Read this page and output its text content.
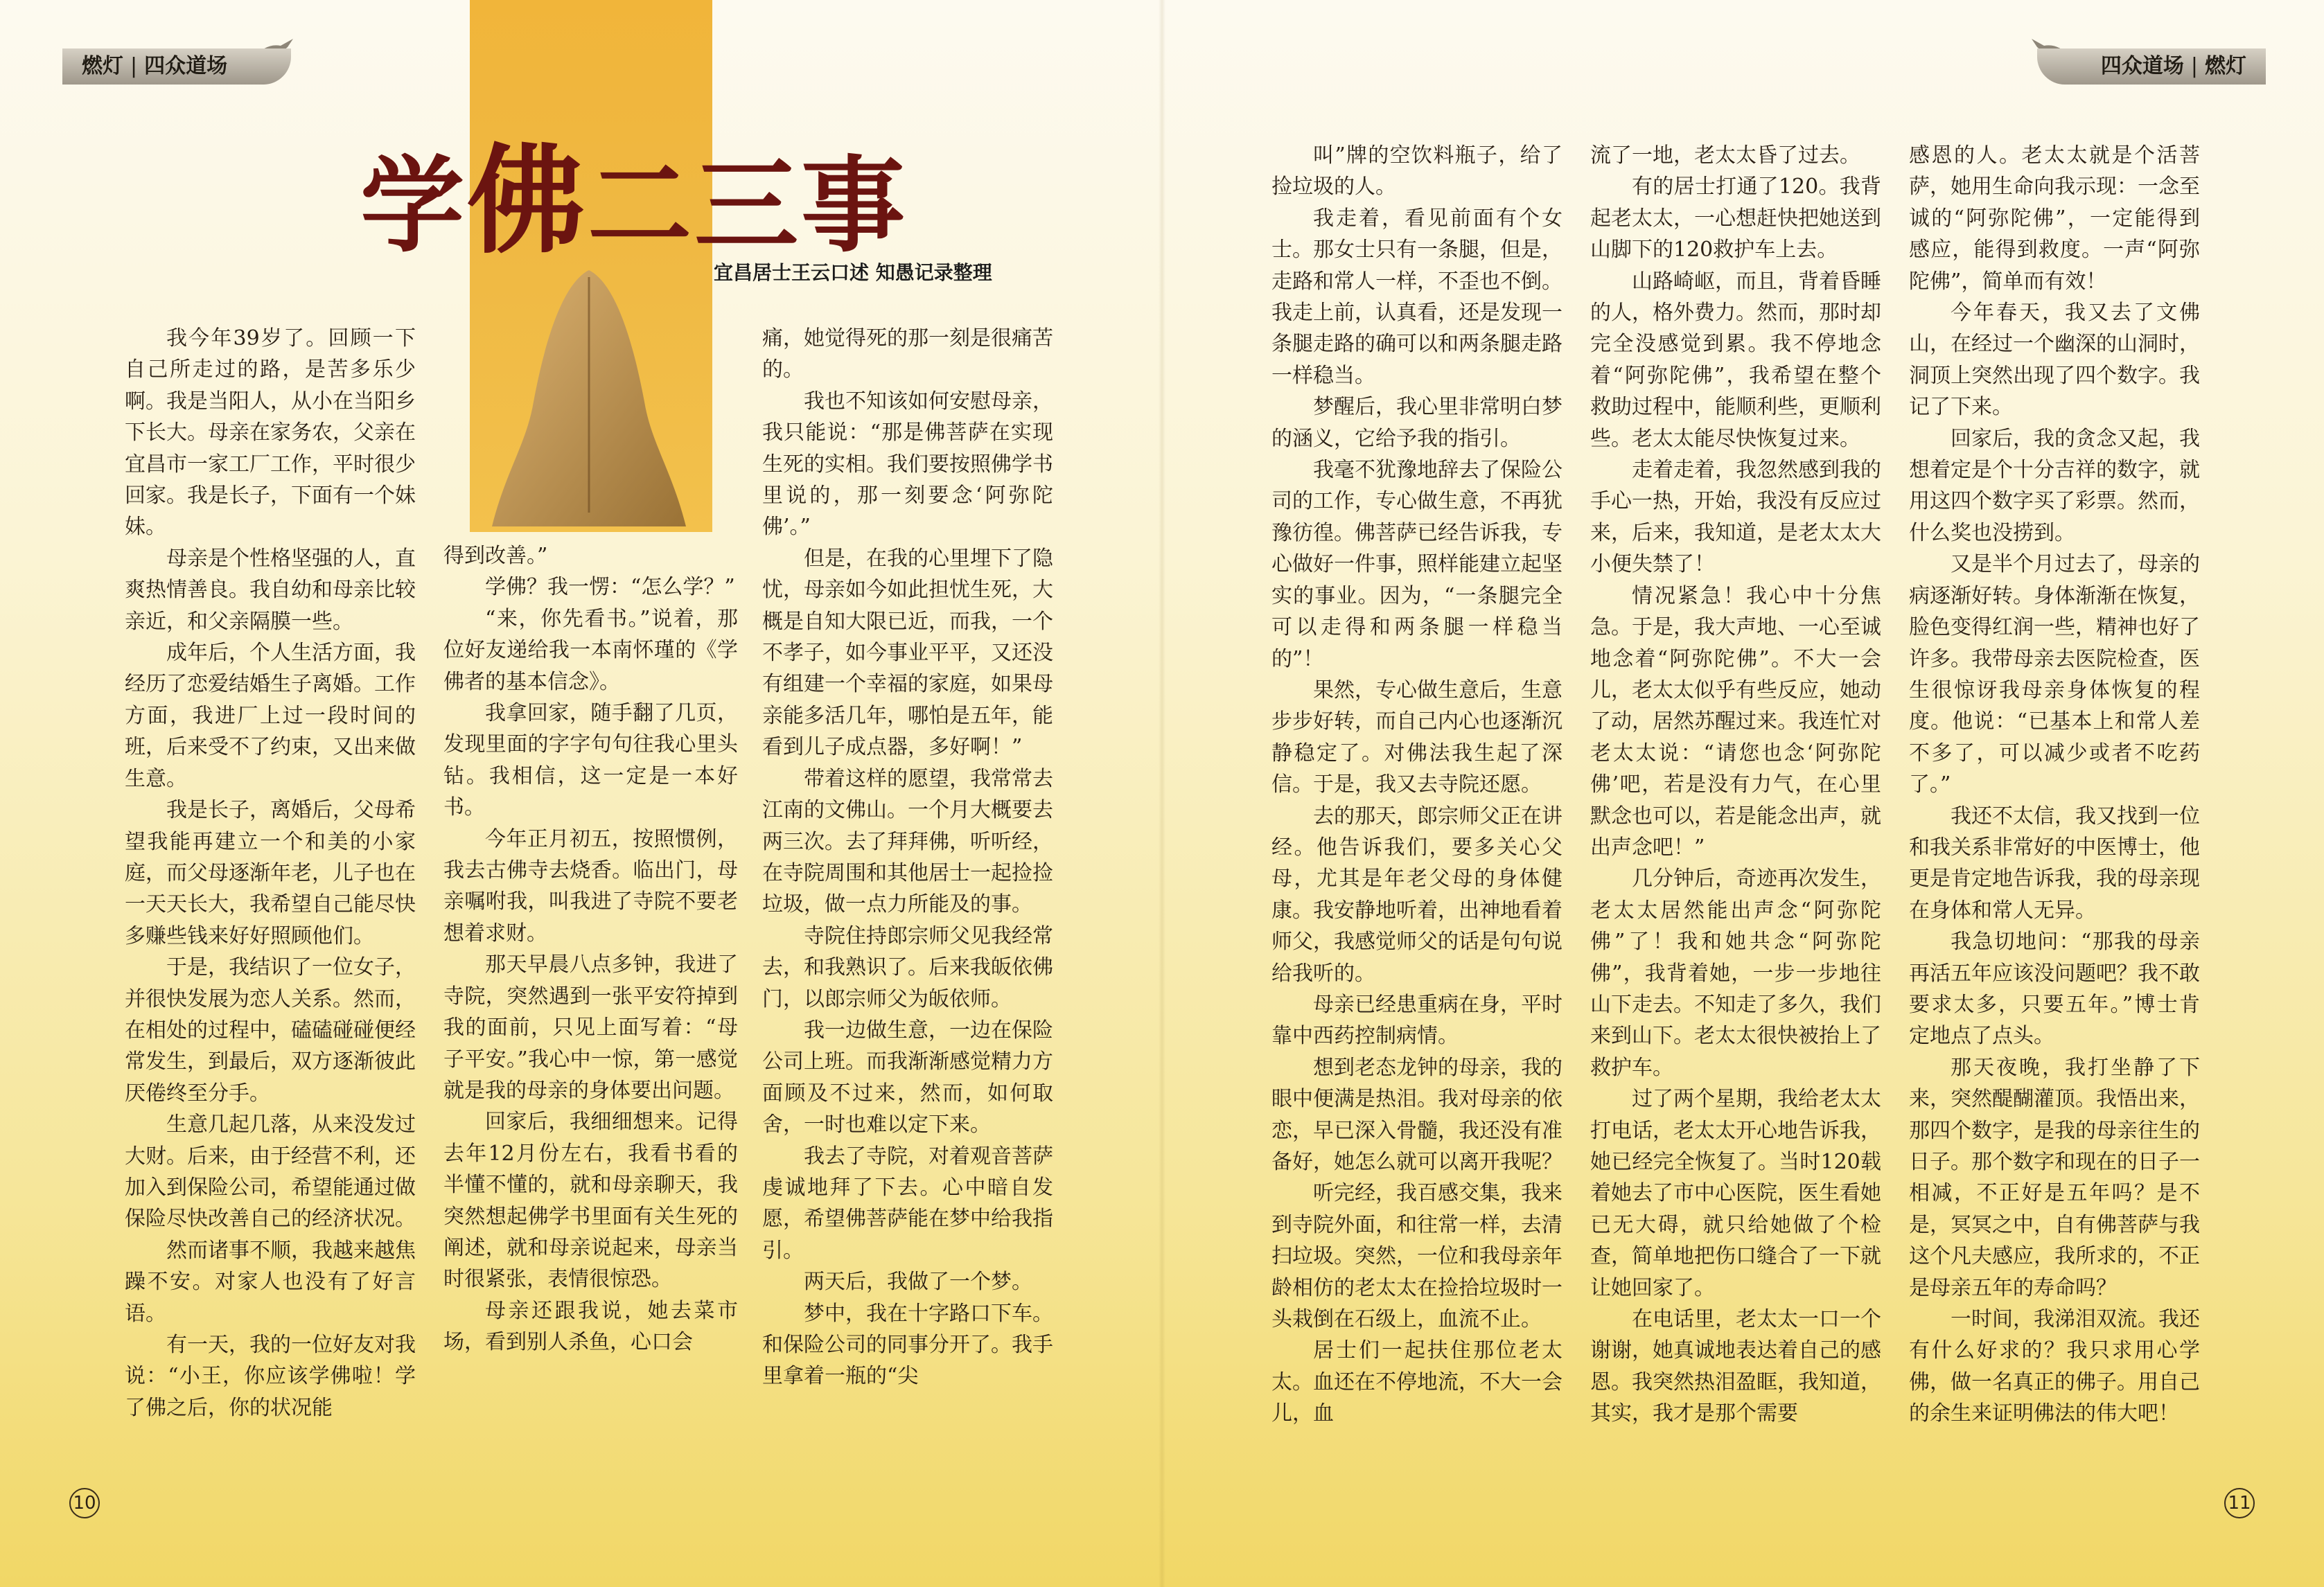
燃灯 | 四众道场	四众道场 | 燃灯
学佛二三事
宜昌居士王云口述 知愚记录整理

我今年39岁了。回顾一下自己所走过的路，是苦多乐少啊。我是当阳人，从小在当阳乡下长大。母亲在家务农，父亲在宜昌市一家工厂工作，平时很少回家。我是长子，下面有一个妹妹。

母亲是个性格坚强的人，直爽热情善良。我自幼和母亲比较亲近，和父亲隔膜一些。

成年后，个人生活方面，我经历了恋爱结婚生子离婚。工作方面，我进厂上过一段时间的班，后来受不了约束，又出来做生意。

我是长子，离婚后，父母希望我能再建立一个和美的小家庭，而父母逐渐年老，儿子也在一天天长大，我希望自己能尽快多赚些钱来好好照顾他们。

于是，我结识了一位女子，并很快发展为恋人关系。然而，在相处的过程中，磕磕碰碰便经常发生，到最后，双方逐渐彼此厌倦终至分手。

生意几起几落，从来没发过大财。后来，由于经营不利，还加入到保险公司，希望能通过做保险尽快改善自己的经济状况。

然而诸事不顺，我越来越焦躁不安。对家人也没有了好言语。

有一天，我的一位好友对我说：“小王，你应该学佛啦！学了佛之后，你的状况能

得到改善。”

学佛？我一愣：“怎么学？”

“来，你先看书。”说着，那位好友递给我一本南怀瑾的《学佛者的基本信念》。

我拿回家，随手翻了几页，发现里面的字字句句往我心里头钻。我相信，这一定是一本好书。

今年正月初五，按照惯例，我去古佛寺去烧香。临出门，母亲嘱咐我，叫我进了寺院不要老想着求财。

那天早晨八点多钟，我进了寺院，突然遇到一张平安符掉到我的面前，只见上面写着：“母子平安。”我心中一惊，第一感觉就是我的母亲的身体要出问题。

回家后，我细细想来。记得去年12月份左右，我看书看的半懂不懂的，就和母亲聊天，我突然想起佛学书里面有关生死的阐述，就和母亲说起来，母亲当时很紧张，表情很惊恐。

母亲还跟我说，她去菜市场，看到别人杀鱼，心口会

痛，她觉得死的那一刻是很痛苦的。

我也不知该如何安慰母亲，我只能说：“那是佛菩萨在实现生死的实相。我们要按照佛学书里说的，那一刻要念‘阿弥陀佛’。”

但是，在我的心里埋下了隐忧，母亲如今如此担忧生死，大概是自知大限已近，而我，一个不孝子，如今事业平平，又还没有组建一个幸福的家庭，如果母亲能多活几年，哪怕是五年，能看到儿子成点器，多好啊！”

带着这样的愿望，我常常去江南的文佛山。一个月大概要去两三次。去了拜拜佛，听听经，在寺院周围和其他居士一起捡捡垃圾，做一点力所能及的事。

寺院住持郎宗师父见我经常去，和我熟识了。后来我皈依佛门，以郎宗师父为皈依师。

我一边做生意，一边在保险公司上班。而我渐渐感觉精力方面顾及不过来，然而，如何取舍，一时也难以定下来。

我去了寺院，对着观音菩萨虔诚地拜了下去。心中暗自发愿，希望佛菩萨能在梦中给我指引。

两天后，我做了一个梦。

梦中，我在十字路口下车。和保险公司的同事分开了。我手里拿着一瓶的“尖

叫”牌的空饮料瓶子，给了捡垃圾的人。

我走着，看见前面有个女士。那女士只有一条腿，但是，走路和常人一样，不歪也不倒。我走上前，认真看，还是发现一条腿走路的确可以和两条腿走路一样稳当。

梦醒后，我心里非常明白梦的涵义，它给予我的指引。

我毫不犹豫地辞去了保险公司的工作，专心做生意，不再犹豫彷徨。佛菩萨已经告诉我，专心做好一件事，照样能建立起坚实的事业。因为，“一条腿完全可以走得和两条腿一样稳当的”！

果然，专心做生意后，生意步步好转，而自己内心也逐渐沉静稳定了。对佛法我生起了深信。于是，我又去寺院还愿。

去的那天，郎宗师父正在讲经。他告诉我们，要多关心父母，尤其是年老父母的身体健康。我安静地听着，出神地看着师父，我感觉师父的话是句句说给我听的。

母亲已经患重病在身，平时靠中西药控制病情。

想到老态龙钟的母亲，我的眼中便满是热泪。我对母亲的依恋，早已深入骨髓，我还没有准备好，她怎么就可以离开我呢？

听完经，我百感交集，我来到寺院外面，和往常一样，去清扫垃圾。突然，一位和我母亲年龄相仿的老太太在捡拾垃圾时一头栽倒在石级上，血流不止。

居士们一起扶住那位老太太。血还在不停地流，不大一会儿，血

流了一地，老太太昏了过去。

有的居士打通了120。我背起老太太，一心想赶快把她送到山脚下的120救护车上去。

山路崎岖，而且，背着昏睡的人，格外费力。然而，那时却完全没感觉到累。我不停地念着“阿弥陀佛”，我希望在整个救助过程中，能顺利些，更顺利些。老太太能尽快恢复过来。

走着走着，我忽然感到我的手心一热，开始，我没有反应过来，后来，我知道，是老太太大小便失禁了！

情况紧急！我心中十分焦急。于是，我大声地、一心至诚地念着“阿弥陀佛”。不大一会儿，老太太似乎有些反应，她动了动，居然苏醒过来。我连忙对老太太说：“请您也念‘阿弥陀佛’吧，若是没有力气，在心里默念也可以，若是能念出声，就出声念吧！”

几分钟后，奇迹再次发生，老太太居然能出声念“阿弥陀佛”了！我和她共念“阿弥陀佛”，我背着她，一步一步地往山下走去。不知走了多久，我们来到山下。老太太很快被抬上了救护车。

过了两个星期，我给老太太打电话，老太太开心地告诉我，她已经完全恢复了。当时120载着她去了市中心医院，医生看她已无大碍，就只给她做了个检查，简单地把伤口缝合了一下就让她回家了。

在电话里，老太太一口一个谢谢，她真诚地表达着自己的感恩。我突然热泪盈眶，我知道，其实，我才是那个需要

感恩的人。老太太就是个活菩萨，她用生命向我示现：一念至诚的“阿弥陀佛”，一定能得到感应，能得到救度。一声“阿弥陀佛”，简单而有效！

今年春天，我又去了文佛山，在经过一个幽深的山洞时，洞顶上突然出现了四个数字。我记了下来。

回家后，我的贪念又起，我想着定是个十分吉祥的数字，就用这四个数字买了彩票。然而，什么奖也没捞到。

又是半个月过去了，母亲的病逐渐好转。身体渐渐在恢复，脸色变得红润一些，精神也好了许多。我带母亲去医院检查，医生很惊讶我母亲身体恢复的程度。他说：“已基本上和常人差不多了，可以减少或者不吃药了。”

我还不太信，我又找到一位和我关系非常好的中医博士，他更是肯定地告诉我，我的母亲现在身体和常人无异。

我急切地问：“那我的母亲再活五年应该没问题吧？我不敢要求太多，只要五年。”博士肯定地点了点头。

那天夜晚，我打坐静了下来，突然醍醐灌顶。我悟出来，那四个数字，是我的母亲往生的日子。那个数字和现在的日子一相减，不正好是五年吗？是不是，冥冥之中，自有佛菩萨与我这个凡夫感应，我所求的，不正是母亲五年的寿命吗？

一时间，我涕泪双流。我还有什么好求的？我只求用心学佛，做一名真正的佛子。用自己的余生来证明佛法的伟大吧！

10	11
